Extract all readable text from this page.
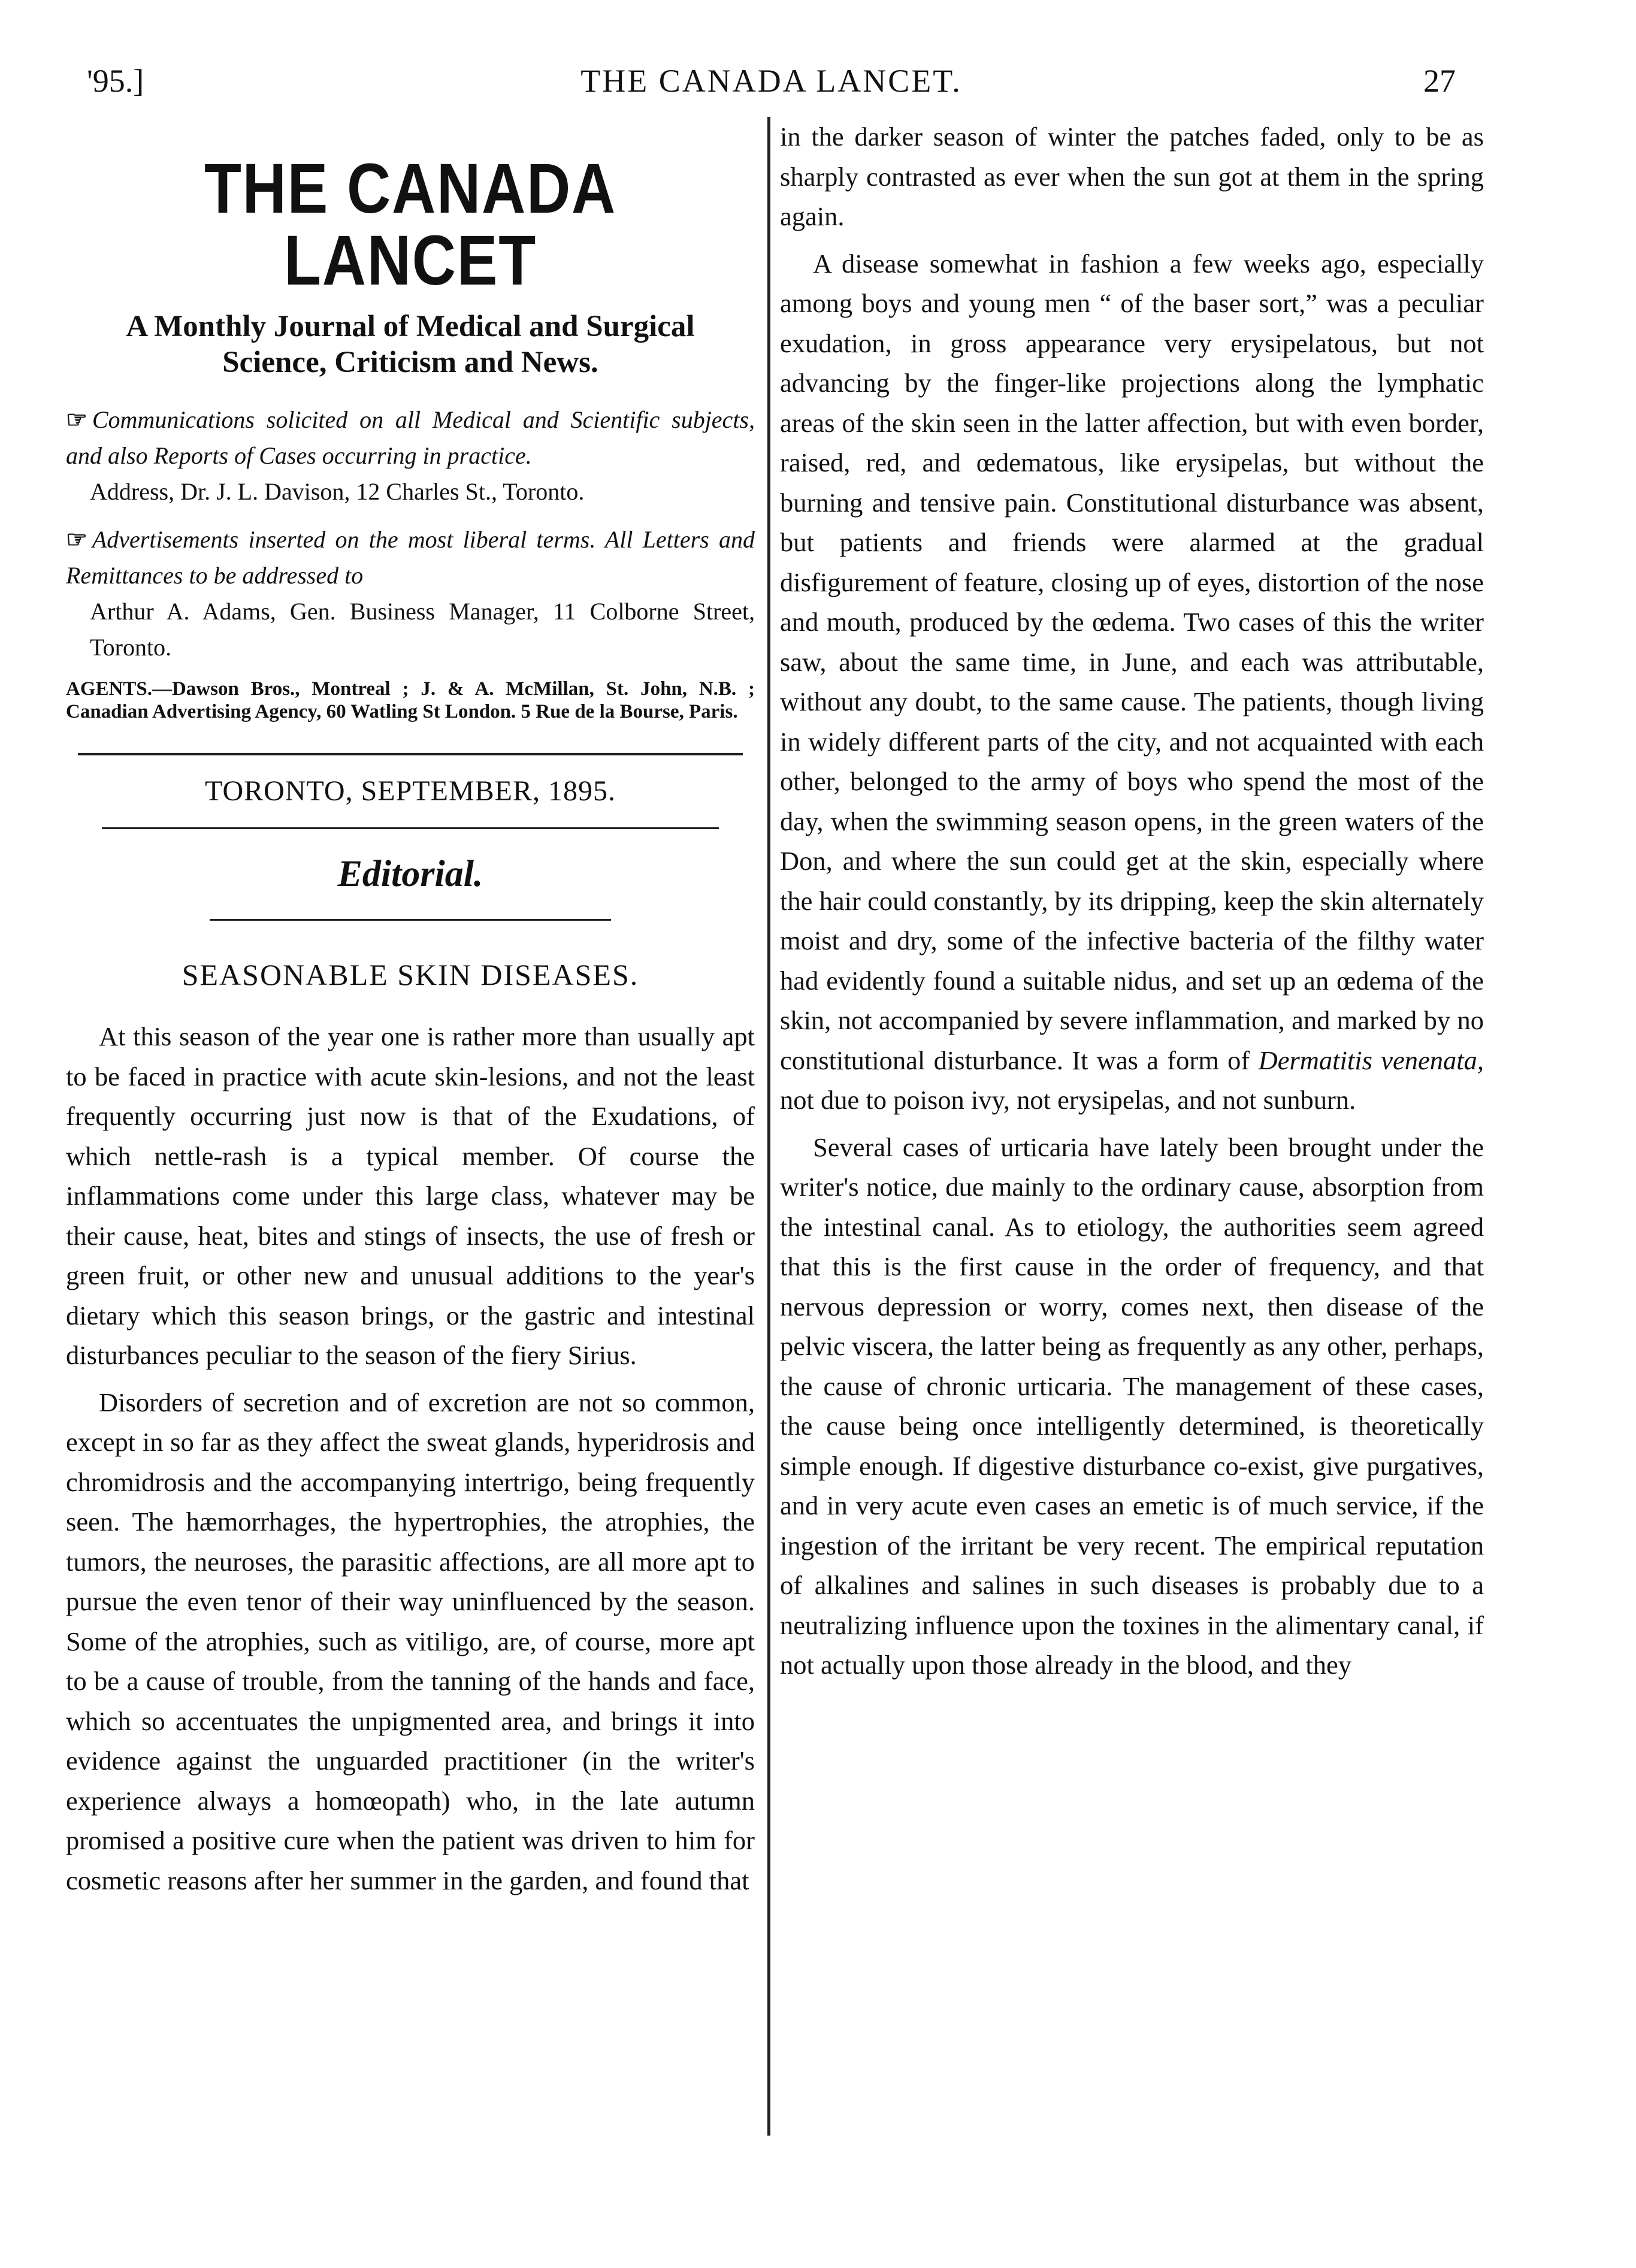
'95.]	THE CANADA LANCET.	27
THE CANADA LANCET
A Monthly Journal of Medical and Surgical Science, Criticism and News.
☞ Communications solicited on all Medical and Scientific subjects, and also Reports of Cases occurring in practice.
Address, Dr. J. L. Davison, 12 Charles St., Toronto.
☞ Advertisements inserted on the most liberal terms. All Letters and Remittances to be addressed to
Arthur A. Adams, Gen. Business Manager, 11 Colborne Street, Toronto.
AGENTS.—Dawson Bros., Montreal ; J. & A. McMillan, St. John, N.B. ; Canadian Advertising Agency, 60 Watling St London. 5 Rue de la Bourse, Paris.
TORONTO, SEPTEMBER, 1895.
Editorial.
SEASONABLE SKIN DISEASES.

At this season of the year one is rather more than usually apt to be faced in practice with acute skin-lesions, and not the least frequently occurring just now is that of the Exudations, of which nettle-rash is a typical member. Of course the inflammations come under this large class, whatever may be their cause, heat, bites and stings of insects, the use of fresh or green fruit, or other new and unusual additions to the year's dietary which this season brings, or the gastric and intestinal disturbances peculiar to the season of the fiery Sirius.

Disorders of secretion and of excretion are not so common, except in so far as they affect the sweat glands, hyperidrosis and chromidrosis and the accompanying intertrigo, being frequently seen. The hæmorrhages, the hypertrophies, the atrophies, the tumors, the neuroses, the parasitic affections, are all more apt to pursue the even tenor of their way uninfluenced by the season. Some of the atrophies, such as vitiligo, are, of course, more apt to be a cause of trouble, from the tanning of the hands and face, which so accentuates the unpigmented area, and brings it into evidence against the unguarded practitioner (in the writer's experience always a homœopath) who, in the late autumn promised a positive cure when the patient was driven to him for cosmetic reasons after her summer in the garden, and found that

in the darker season of winter the patches faded, only to be as sharply contrasted as ever when the sun got at them in the spring again.

A disease somewhat in fashion a few weeks ago, especially among boys and young men “ of the baser sort,” was a peculiar exudation, in gross appearance very erysipelatous, but not advancing by the finger-like projections along the lymphatic areas of the skin seen in the latter affection, but with even border, raised, red, and œdematous, like erysipelas, but without the burning and tensive pain. Constitutional disturbance was absent, but patients and friends were alarmed at the gradual disfigurement of feature, closing up of eyes, distortion of the nose and mouth, produced by the œdema. Two cases of this the writer saw, about the same time, in June, and each was attributable, without any doubt, to the same cause. The patients, though living in widely different parts of the city, and not acquainted with each other, belonged to the army of boys who spend the most of the day, when the swimming season opens, in the green waters of the Don, and where the sun could get at the skin, especially where the hair could constantly, by its dripping, keep the skin alternately moist and dry, some of the infective bacteria of the filthy water had evidently found a suitable nidus, and set up an œdema of the skin, not accompanied by severe inflammation, and marked by no constitutional disturbance. It was a form of Dermatitis venenata, not due to poison ivy, not erysipelas, and not sunburn.

Several cases of urticaria have lately been brought under the writer's notice, due mainly to the ordinary cause, absorption from the intestinal canal. As to etiology, the authorities seem agreed that this is the first cause in the order of frequency, and that nervous depression or worry, comes next, then disease of the pelvic viscera, the latter being as frequently as any other, perhaps, the cause of chronic urticaria. The management of these cases, the cause being once intelligently determined, is theoretically simple enough. If digestive disturbance co-exist, give purgatives, and in very acute even cases an emetic is of much service, if the ingestion of the irritant be very recent. The empirical reputation of alkalines and salines in such diseases is probably due to a neutralizing influence upon the toxines in the alimentary canal, if not actually upon those already in the blood, and they
